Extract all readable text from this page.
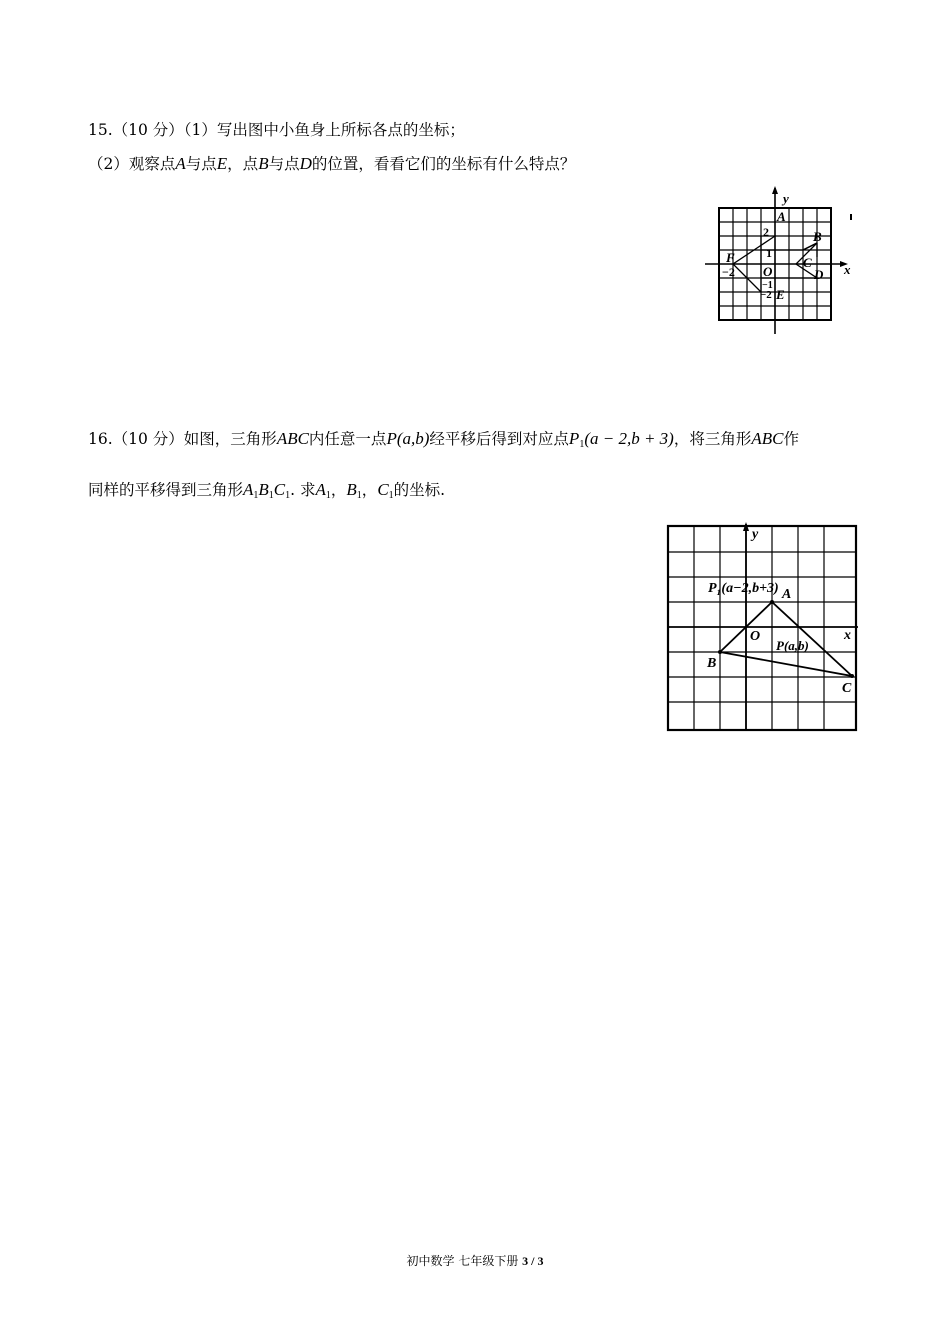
15.（10 分）（1）写出图中小鱼身上所标各点的坐标；
（2）观察点A与点E，点B与点D的位置，看看它们的坐标有什么特点？
y
x
A
B
C
D
E
F
O
2
1
−2
−1
−2
16.（10 分）如图，三角形ABC内任意一点P(a,b)经平移后得到对应点$P_1(a - 2,b + 3)$，将三角形ABC作
同样的平移得到三角形$A_1B_1C_1$. 求$A_1$，$B_1$，$C_1$的坐标.
y
x
O
A
B
C
P₁(a−2,b+3)
P(a,b)
初中数学 七年级下册 3 / 3
